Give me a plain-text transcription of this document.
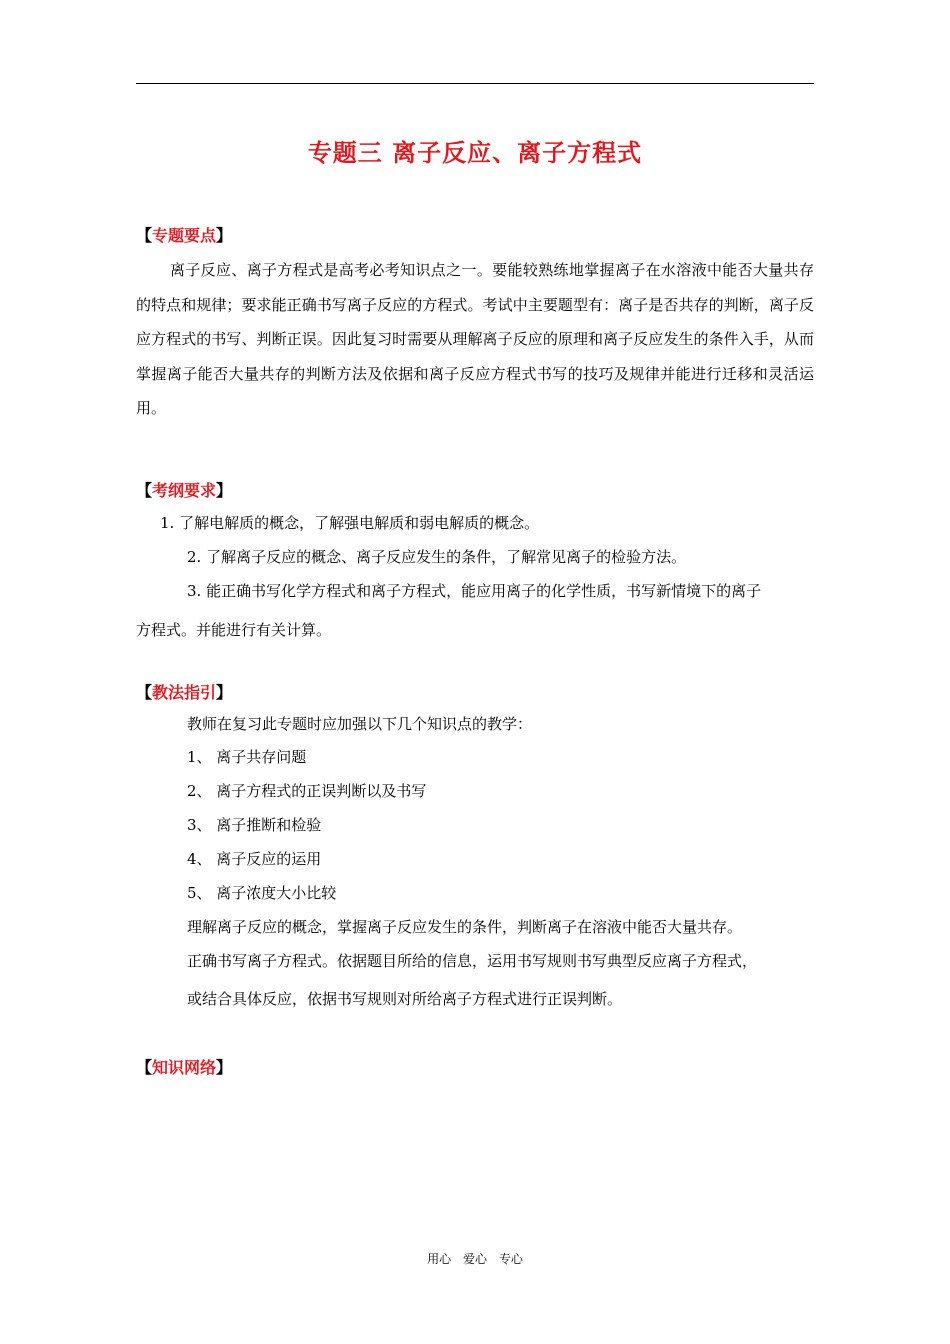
专题三 离子反应、离子方程式
【专题要点】

离子反应、离子方程式是高考必考知识点之一。要能较熟练地掌握离子在水溶液中能否大量共存的特点和规律；要求能正确书写离子反应的方程式。考试中主要题型有：离子是否共存的判断，离子反应方程式的书写、判断正误。因此复习时需要从理解离子反应的原理和离子反应发生的条件入手，从而掌握离子能否大量共存的判断方法及依据和离子反应方程式书写的技巧及规律并能进行迁移和灵活运用。

【考纲要求】

1. 了解电解质的概念，了解强电解质和弱电解质的概念。

2. 了解离子反应的概念、离子反应发生的条件，了解常见离子的检验方法。

3. 能正确书写化学方程式和离子方程式，能应用离子的化学性质，书写新情境下的离子

方程式。并能进行有关计算。

【教法指引】

教师在复习此专题时应加强以下几个知识点的教学：

1、 离子共存问题

2、 离子方程式的正误判断以及书写

3、 离子推断和检验

4、 离子反应的运用

5、 离子浓度大小比较

理解离子反应的概念，掌握离子反应发生的条件，判断离子在溶液中能否大量共存。

正确书写离子方程式。依据题目所给的信息，运用书写规则书写典型反应离子方程式，

或结合具体反应，依据书写规则对所给离子方程式进行正误判断。

【知识网络】
用心 爱心 专心
